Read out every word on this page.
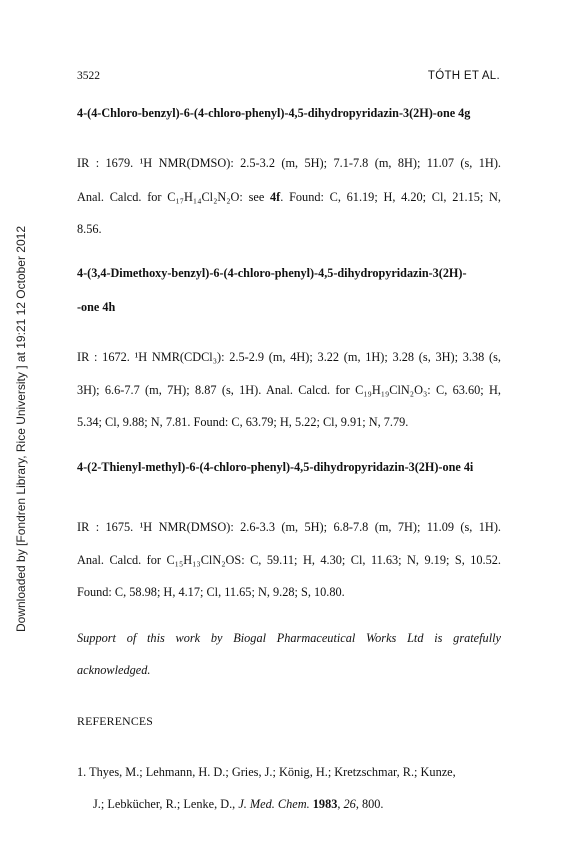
Downloaded by [Fondren Library, Rice University ] at 19:21 12 October 2012
3522	TÓTH ET AL.
4-(4-Chloro-benzyl)-6-(4-chloro-phenyl)-4,5-dihydropyridazin-3(2H)-one 4g
IR : 1679. ¹H NMR(DMSO): 2.5-3.2 (m, 5H); 7.1-7.8 (m, 8H); 11.07 (s, 1H).
Anal. Calcd. for C₁₇H₁₄Cl₂N₂O: see 4f. Found: C, 61.19; H, 4.20; Cl, 21.15; N,
8.56.
4-(3,4-Dimethoxy-benzyl)-6-(4-chloro-phenyl)-4,5-dihydropyridazin-3(2H)-
-one 4h
IR : 1672. ¹H NMR(CDCl₃): 2.5-2.9 (m, 4H); 3.22 (m, 1H); 3.28 (s, 3H); 3.38 (s,
3H); 6.6-7.7 (m, 7H); 8.87 (s, 1H). Anal. Calcd. for C₁₉H₁₉ClN₂O₃: C, 63.60; H,
5.34; Cl, 9.88; N, 7.81. Found: C, 63.79; H, 5.22; Cl, 9.91; N, 7.79.
4-(2-Thienyl-methyl)-6-(4-chloro-phenyl)-4,5-dihydropyridazin-3(2H)-one 4i
IR : 1675. ¹H NMR(DMSO): 2.6-3.3 (m, 5H); 6.8-7.8 (m, 7H); 11.09 (s, 1H).
Anal. Calcd. for C₁₅H₁₃ClN₂OS: C, 59.11; H, 4.30; Cl, 11.63; N, 9.19; S, 10.52.
Found: C, 58.98; H, 4.17; Cl, 11.65; N, 9.28; S, 10.80.
Support of this work by Biogal Pharmaceutical Works Ltd is gratefully
acknowledged.
REFERENCES
1. Thyes, M.; Lehmann, H. D.; Gries, J.; König, H.; Kretzschmar, R.; Kunze,
J.; Lebkücher, R.; Lenke, D., J. Med. Chem. 1983, 26, 800.
